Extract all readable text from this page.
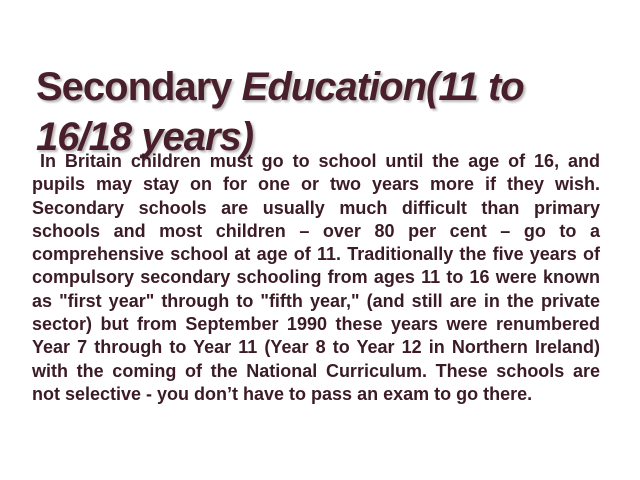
Secondary Education(11 to 16/18 years)

In Britain children must go to school until the age of 16, and pupils may stay on for one or two years more if they wish. Secondary schools are usually much difficult than primary schools and most children – over 80 per cent – go to a comprehensive school at age of 11. Traditionally the five years of compulsory secondary schooling from ages 11 to 16 were known as "first year" through to "fifth year," (and still are in the private sector) but from September 1990 these years were renumbered Year 7 through to Year 11 (Year 8 to Year 12 in Northern Ireland) with the coming of the National Curriculum. These schools are not selective - you don’t have to pass an exam to go there.
